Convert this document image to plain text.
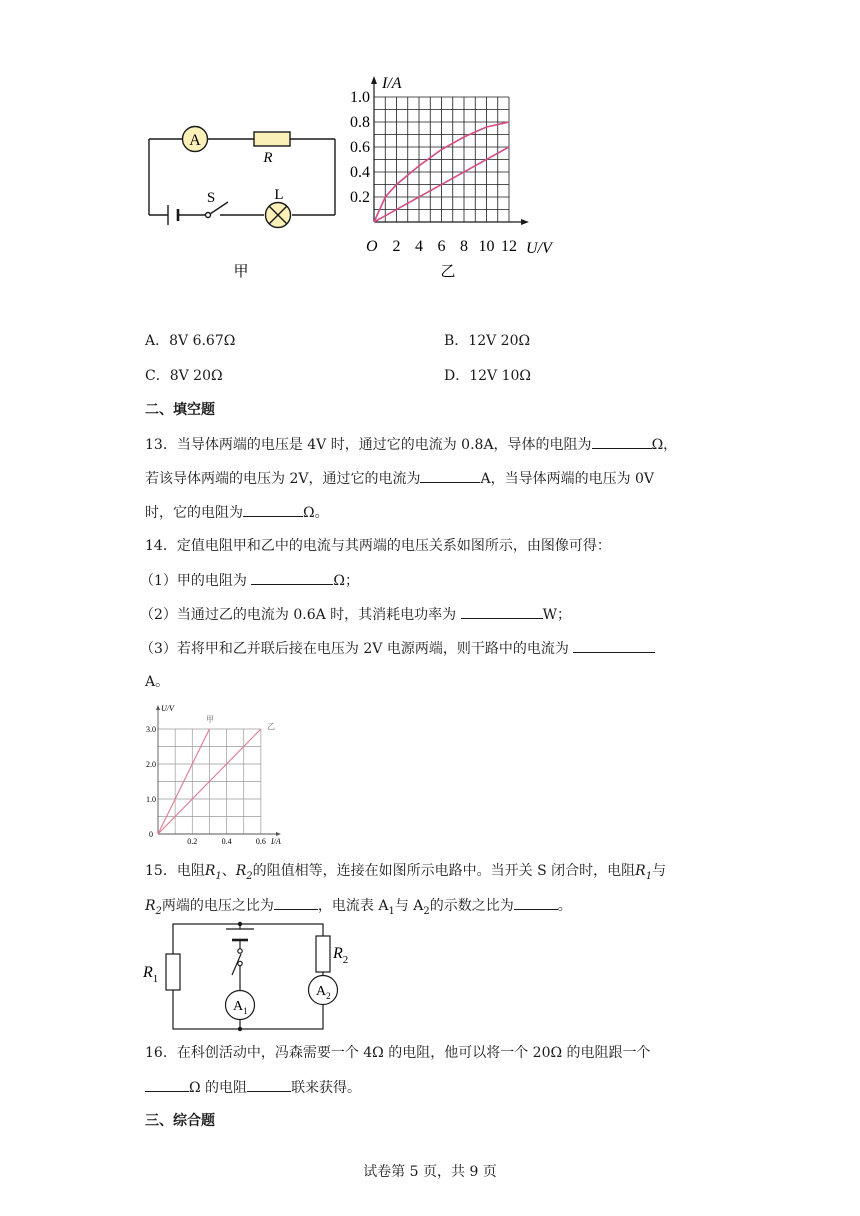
A
R
S	L
甲
I/A
U/V
O 2 4 6 8 10 12
0.2
0.4
0.6
0.8
1.0
乙
A．8V 6.67Ω	B．12V 20Ω
C．8V 20Ω	D．12V 10Ω
二、填空题
13．当导体两端的电压是 4V 时，通过它的电流为 0.8A，导体的电阻为	Ω，
若该导体两端的电压为 2V，通过它的电流为	A，当导体两端的电压为 0V
时，它的电阻为	Ω。
14．定值电阻甲和乙中的电流与其两端的电压关系如图所示，由图像可得：
（1）甲的电阻为	Ω；
（2）当通过乙的电流为 0.6A 时，其消耗电功率为	W；
（3）若将甲和乙并联后接在电压为 2V 电源两端，则干路中的电流为
A。
U/V
I/A
甲
乙
0
0.2	0.4	0.6
1.0
2.0
3.0
15．电阻$R_1$、$R_2$的阻值相等，连接在如图所示电路中。当开关 S 闭合时，电阻$R_1$与
$R_2$两端的电压之比为	，电流表 $A_1$与 $A_2$的示数之比为	。
$R_1$
$R_2$
$A_1$
$A_2$
16．在科创活动中，冯森需要一个 4Ω 的电阻，他可以将一个 20Ω 的电阻跟一个
Ω 的电阻	联来获得。
三、综合题
试卷第 5 页，共 9 页
